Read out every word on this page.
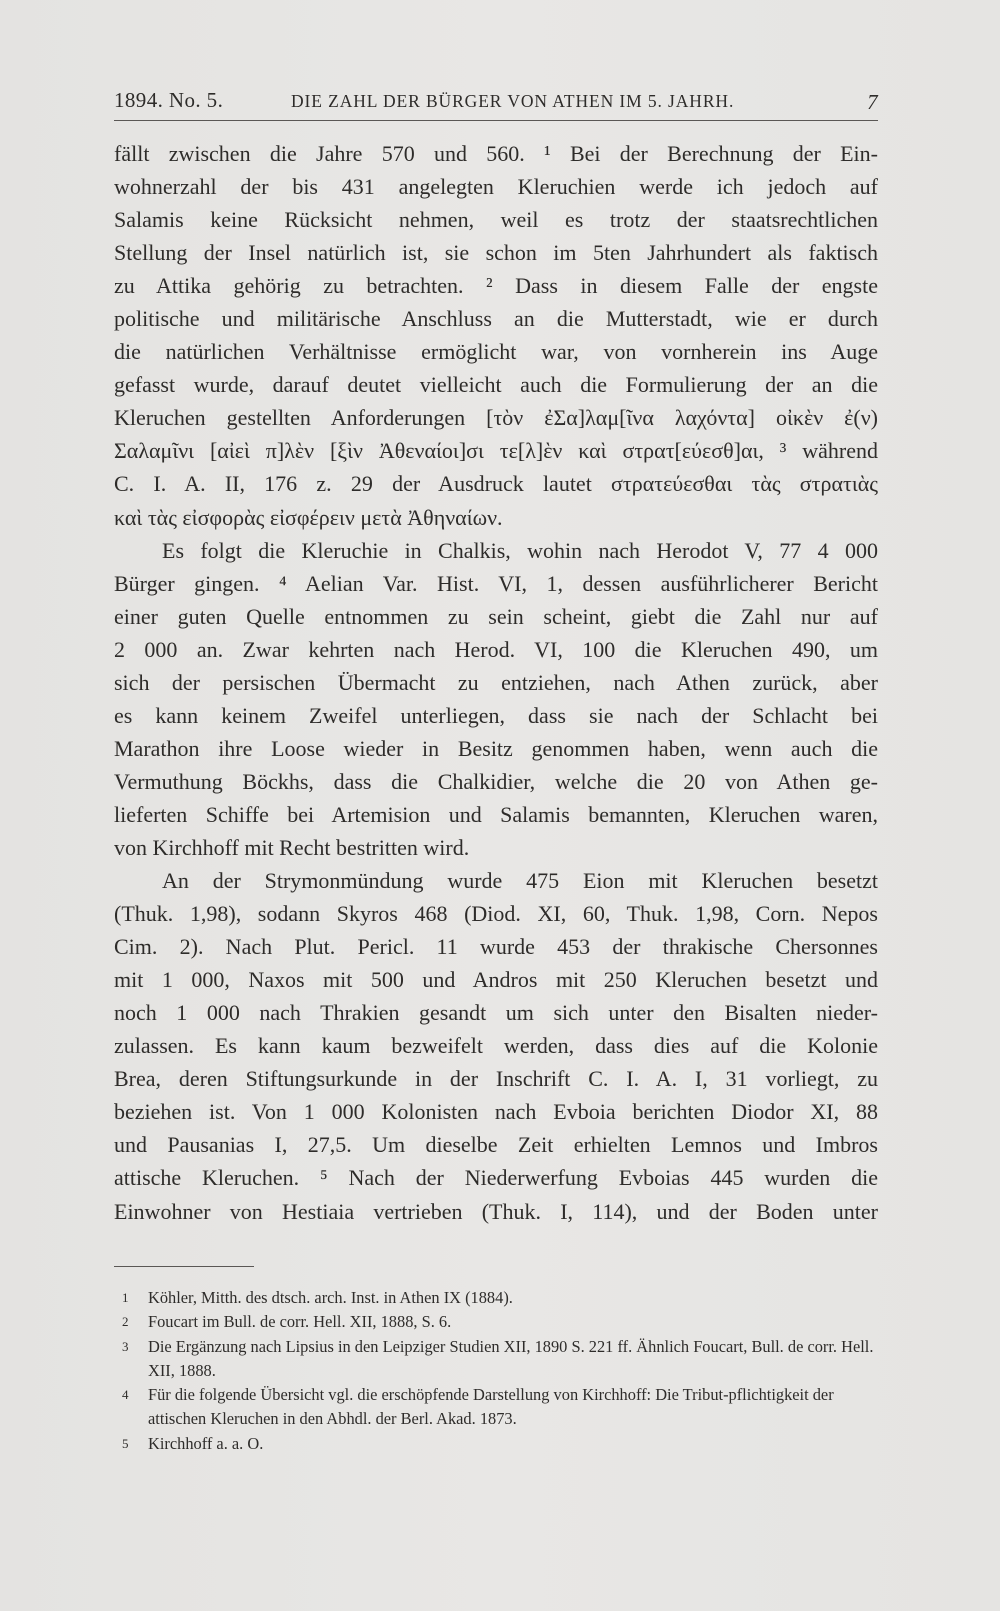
1894. No. 5.	DIE ZAHL DER BÜRGER VON ATHEN IM 5. JAHRH.	7
fällt zwischen die Jahre 570 und 560. ¹ Bei der Berechnung der Ein-
wohnerzahl der bis 431 angelegten Kleruchien werde ich jedoch auf
Salamis keine Rücksicht nehmen, weil es trotz der staatsrechtlichen
Stellung der Insel natürlich ist, sie schon im 5ten Jahrhundert als faktisch
zu Attika gehörig zu betrachten. ² Dass in diesem Falle der engste
politische und militärische Anschluss an die Mutterstadt, wie er durch
die natürlichen Verhältnisse ermöglicht war, von vornherein ins Auge
gefasst wurde, darauf deutet vielleicht auch die Formulierung der an die
Kleruchen gestellten Anforderungen [τὸν ἐΣα]λαμ[ῖνα λαχόντα] οἰκὲν ἐ(ν)
Σαλαμῖνι [αἰεὶ π]λὲν [ξὶν Ἀθεναίοι]σι τε[λ]ὲν καὶ στρατ[εύεσθ]αι, ³ während
C. I. A. II, 176 z. 29 der Ausdruck lautet στρατεύεσθαι τὰς στρατιὰς
καὶ τὰς εἰσφορὰς εἰσφέρειν μετὰ Ἀθηναίων.
Es folgt die Kleruchie in Chalkis, wohin nach Herodot V, 77 4 000
Bürger gingen. ⁴ Aelian Var. Hist. VI, 1, dessen ausführlicherer Bericht
einer guten Quelle entnommen zu sein scheint, giebt die Zahl nur auf
2 000 an. Zwar kehrten nach Herod. VI, 100 die Kleruchen 490, um
sich der persischen Übermacht zu entziehen, nach Athen zurück, aber
es kann keinem Zweifel unterliegen, dass sie nach der Schlacht bei
Marathon ihre Loose wieder in Besitz genommen haben, wenn auch die
Vermuthung Böckhs, dass die Chalkidier, welche die 20 von Athen ge-
lieferten Schiffe bei Artemision und Salamis bemannten, Kleruchen waren,
von Kirchhoff mit Recht bestritten wird.
An der Strymonmündung wurde 475 Eion mit Kleruchen besetzt
(Thuk. 1,98), sodann Skyros 468 (Diod. XI, 60, Thuk. 1,98, Corn. Nepos
Cim. 2). Nach Plut. Pericl. 11 wurde 453 der thrakische Chersonnes
mit 1 000, Naxos mit 500 und Andros mit 250 Kleruchen besetzt und
noch 1 000 nach Thrakien gesandt um sich unter den Bisalten nieder-
zulassen. Es kann kaum bezweifelt werden, dass dies auf die Kolonie
Brea, deren Stiftungsurkunde in der Inschrift C. I. A. I, 31 vorliegt, zu
beziehen ist. Von 1 000 Kolonisten nach Evboia berichten Diodor XI, 88
und Pausanias I, 27,5. Um dieselbe Zeit erhielten Lemnos und Imbros
attische Kleruchen. ⁵ Nach der Niederwerfung Evboias 445 wurden die
Einwohner von Hestiaia vertrieben (Thuk. I, 114), und der Boden unter
1 Köhler, Mitth. des dtsch. arch. Inst. in Athen IX (1884).
2 Foucart im Bull. de corr. Hell. XII, 1888, S. 6.
3 Die Ergänzung nach Lipsius in den Leipziger Studien XII, 1890 S. 221 ff. Ähnlich Foucart, Bull. de corr. Hell. XII, 1888.
4 Für die folgende Übersicht vgl. die erschöpfende Darstellung von Kirchhoff: Die Tribut-pflichtigkeit der attischen Kleruchen in den Abhdl. der Berl. Akad. 1873.
5 Kirchhoff a. a. O.
